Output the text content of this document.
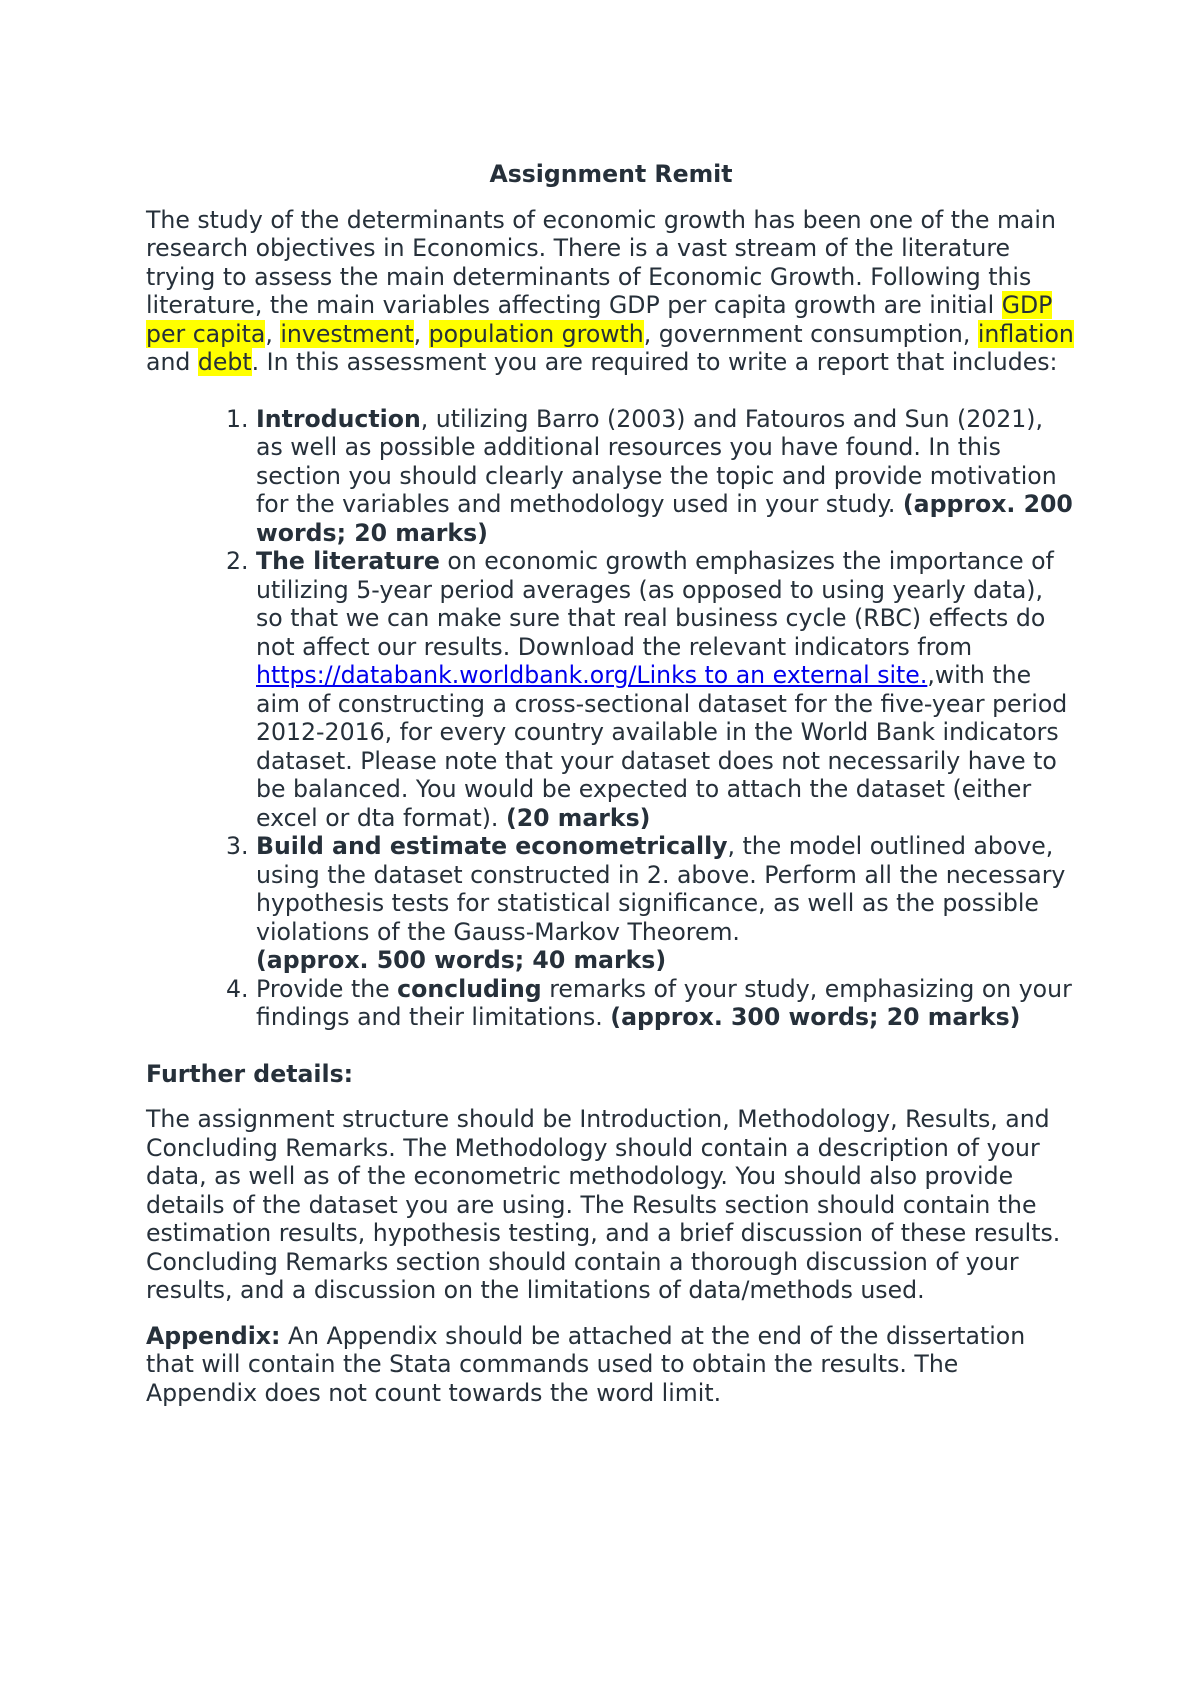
Assignment Remit

The study of the determinants of economic growth has been one of the main research objectives in Economics. There is a vast stream of the literature trying to assess the main determinants of Economic Growth. Following this literature, the main variables affecting GDP per capita growth are initial GDP per capita, investment, population growth, government consumption, inflation and debt. In this assessment you are required to write a report that includes:

1. Introduction, utilizing Barro (2003) and Fatouros and Sun (2021), as well as possible additional resources you have found. In this section you should clearly analyse the topic and provide motivation for the variables and methodology used in your study. (approx. 200 words; 20 marks)
2. The literature on economic growth emphasizes the importance of utilizing 5-year period averages (as opposed to using yearly data), so that we can make sure that real business cycle (RBC) effects do not affect our results. Download the relevant indicators from https://databank.worldbank.org/Links to an external site.,with the aim of constructing a cross-sectional dataset for the five-year period 2012-2016, for every country available in the World Bank indicators dataset. Please note that your dataset does not necessarily have to be balanced. You would be expected to attach the dataset (either excel or dta format). (20 marks)
3. Build and estimate econometrically, the model outlined above, using the dataset constructed in 2. above. Perform all the necessary hypothesis tests for statistical significance, as well as the possible violations of the Gauss-Markov Theorem.
(approx. 500 words; 40 marks)
4. Provide the concluding remarks of your study, emphasizing on your findings and their limitations. (approx. 300 words; 20 marks)

Further details:

The assignment structure should be Introduction, Methodology, Results, and Concluding Remarks. The Methodology should contain a description of your data, as well as of the econometric methodology. You should also provide details of the dataset you are using. The Results section should contain the estimation results, hypothesis testing, and a brief discussion of these results. Concluding Remarks section should contain a thorough discussion of your results, and a discussion on the limitations of data/methods used.

Appendix: An Appendix should be attached at the end of the dissertation that will contain the Stata commands used to obtain the results. The Appendix does not count towards the word limit.
